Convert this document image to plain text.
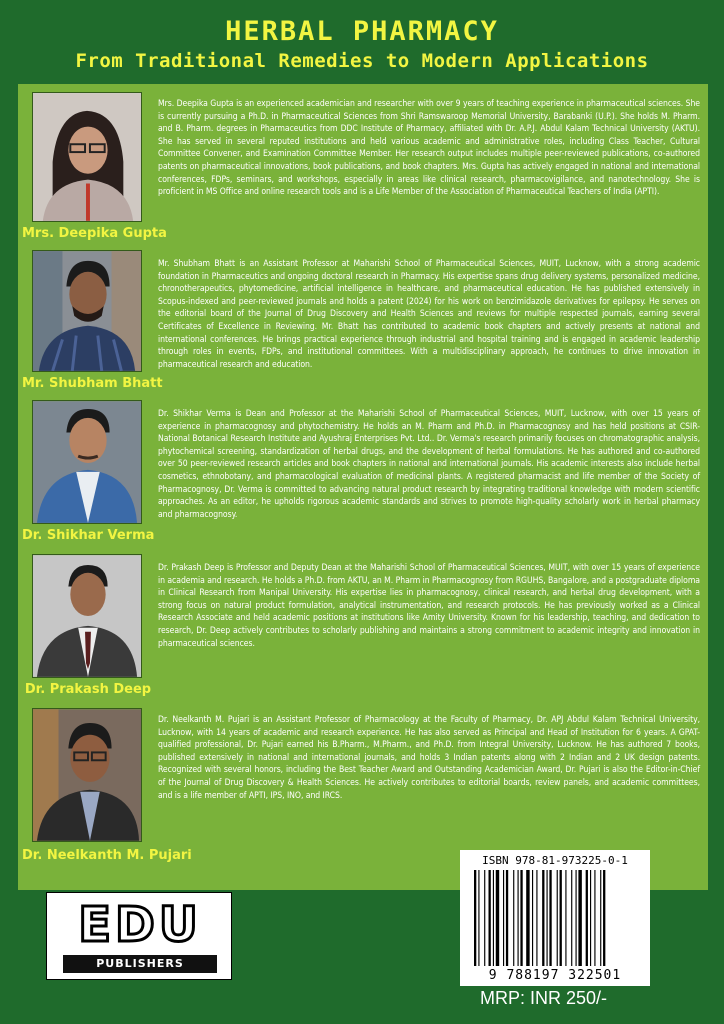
HERBAL PHARMACY
From Traditional Remedies to Modern Applications
Mrs. Deepika Gupta
Mrs. Deepika Gupta is an experienced academician and researcher with over 9 years of teaching experience in pharmaceutical sciences. She is currently pursuing a Ph.D. in Pharmaceutical Sciences from Shri Ramswaroop Memorial University, Barabanki (U.P.). She holds M. Pharm. and B. Pharm. degrees in Pharmaceutics from DDC Institute of Pharmacy, affiliated with Dr. A.P.J. Abdul Kalam Technical University (AKTU). She has served in several reputed institutions and held various academic and administrative roles, including Class Teacher, Cultural Committee Convener, and Examination Committee Member. Her research output includes multiple peer-reviewed publications, co-authored patents on pharmaceutical innovations, book publications, and book chapters. Mrs. Gupta has actively engaged in national and international conferences, FDPs, seminars, and workshops, especially in areas like clinical research, pharmacovigilance, and nanotechnology. She is proficient in MS Office and online research tools and is a Life Member of the Association of Pharmaceutical Teachers of India (APTI).
Mr. Shubham Bhatt
Mr. Shubham Bhatt is an Assistant Professor at Maharishi School of Pharmaceutical Sciences, MUIT, Lucknow, with a strong academic foundation in Pharmaceutics and ongoing doctoral research in Pharmacy. His expertise spans drug delivery systems, personalized medicine, chronotherapeutics, phytomedicine, artificial intelligence in healthcare, and pharmaceutical education. He has published extensively in Scopus-indexed and peer-reviewed journals and holds a patent (2024) for his work on benzimidazole derivatives for epilepsy. He serves on the editorial board of the Journal of Drug Discovery and Health Sciences and reviews for multiple respected journals, earning several Certificates of Excellence in Reviewing. Mr. Bhatt has contributed to academic book chapters and actively presents at national and international conferences. He brings practical experience through industrial and hospital training and is engaged in academic leadership through roles in events, FDPs, and institutional committees. With a multidisciplinary approach, he continues to drive innovation in pharmaceutical research and education.
Dr. Shikhar Verma
Dr. Shikhar Verma is Dean and Professor at the Maharishi School of Pharmaceutical Sciences, MUIT, Lucknow, with over 15 years of experience in pharmacognosy and phytochemistry. He holds an M. Pharm and Ph.D. in Pharmacognosy and has held positions at CSIR-National Botanical Research Institute and Ayushraj Enterprises Pvt. Ltd.. Dr. Verma's research primarily focuses on chromatographic analysis, phytochemical screening, standardization of herbal drugs, and the development of herbal formulations. He has authored and co-authored over 50 peer-reviewed research articles and book chapters in national and international journals. His academic interests also include herbal cosmetics, ethnobotany, and pharmacological evaluation of medicinal plants. A registered pharmacist and life member of the Society of Pharmacognosy, Dr. Verma is committed to advancing natural product research by integrating traditional knowledge with modern scientific approaches. As an editor, he upholds rigorous academic standards and strives to promote high-quality scholarly work in herbal pharmacy and pharmacognosy.
Dr. Prakash Deep
Dr. Prakash Deep is Professor and Deputy Dean at the Maharishi School of Pharmaceutical Sciences, MUIT, with over 15 years of experience in academia and research. He holds a Ph.D. from AKTU, an M. Pharm in Pharmacognosy from RGUHS, Bangalore, and a postgraduate diploma in Clinical Research from Manipal University. His expertise lies in pharmacognosy, clinical research, and herbal drug development, with a strong focus on natural product formulation, analytical instrumentation, and research protocols. He has previously worked as a Clinical Research Associate and held academic positions at institutions like Amity University. Known for his leadership, teaching, and dedication to research, Dr. Deep actively contributes to scholarly publishing and maintains a strong commitment to academic integrity and innovation in pharmaceutical sciences.
Dr. Neelkanth M. Pujari
Dr. Neelkanth M. Pujari is an Assistant Professor of Pharmacology at the Faculty of Pharmacy, Dr. APJ Abdul Kalam Technical University, Lucknow, with 14 years of academic and research experience. He has also served as Principal and Head of Institution for 6 years. A GPAT-qualified professional, Dr. Pujari earned his B.Pharm., M.Pharm., and Ph.D. from Integral University, Lucknow. He has authored 7 books, published extensively in national and international journals, and holds 3 Indian patents along with 2 Indian and 2 UK design patents. Recognized with several honors, including the Best Teacher Award and Outstanding Academician Award, Dr. Pujari is also the Editor-in-Chief of the Journal of Drug Discovery & Health Sciences. He actively contributes to editorial boards, review panels, and academic committees, and is a life member of APTI, IPS, INO, and IRCS.
EDU
PUBLISHERS
ISBN 978-81-973225-0-1
9 788197 322501
MRP: INR 250/-
